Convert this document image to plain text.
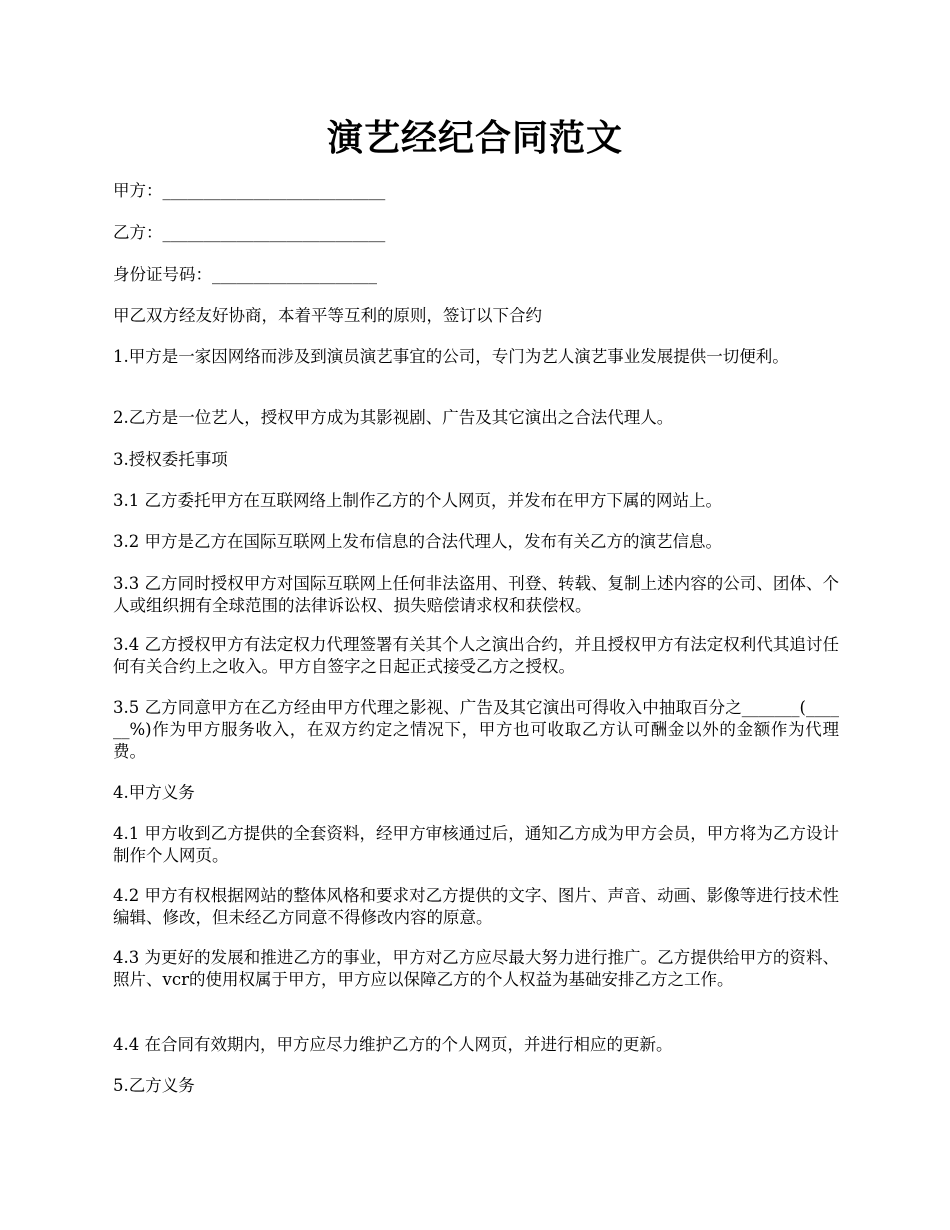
演艺经纪合同范文
甲方：___________________________
乙方：___________________________
身份证号码：____________________
甲乙双方经友好协商，本着平等互利的原则，签订以下合约
1.甲方是一家因网络而涉及到演员演艺事宜的公司，专门为艺人演艺事业发展提供一切便利。
2.乙方是一位艺人，授权甲方成为其影视剧、广告及其它演出之合法代理人。
3.授权委托事项
3.1 乙方委托甲方在互联网络上制作乙方的个人网页，并发布在甲方下属的网站上。
3.2 甲方是乙方在国际互联网上发布信息的合法代理人，发布有关乙方的演艺信息。
3.3 乙方同时授权甲方对国际互联网上任何非法盗用、刊登、转载、复制上述内容的公司、团体、个人或组织拥有全球范围的法律诉讼权、损失赔偿请求权和获偿权。
3.4 乙方授权甲方有法定权力代理签署有关其个人之演出合约，并且授权甲方有法定权利代其追讨任何有关合约上之收入。甲方自签字之日起正式接受乙方之授权。
3.5 乙方同意甲方在乙方经由甲方代理之影视、广告及其它演出可得收入中抽取百分之_______(______%)作为甲方服务收入，在双方约定之情况下，甲方也可收取乙方认可酬金以外的金额作为代理费。
4.甲方义务
4.1 甲方收到乙方提供的全套资料，经甲方审核通过后，通知乙方成为甲方会员，甲方将为乙方设计制作个人网页。
4.2 甲方有权根据网站的整体风格和要求对乙方提供的文字、图片、声音、动画、影像等进行技术性编辑、修改，但未经乙方同意不得修改内容的原意。
4.3 为更好的发展和推进乙方的事业，甲方对乙方应尽最大努力进行推广。乙方提供给甲方的资料、照片、vcr的使用权属于甲方，甲方应以保障乙方的个人权益为基础安排乙方之工作。
4.4 在合同有效期内，甲方应尽力维护乙方的个人网页，并进行相应的更新。
5.乙方义务
